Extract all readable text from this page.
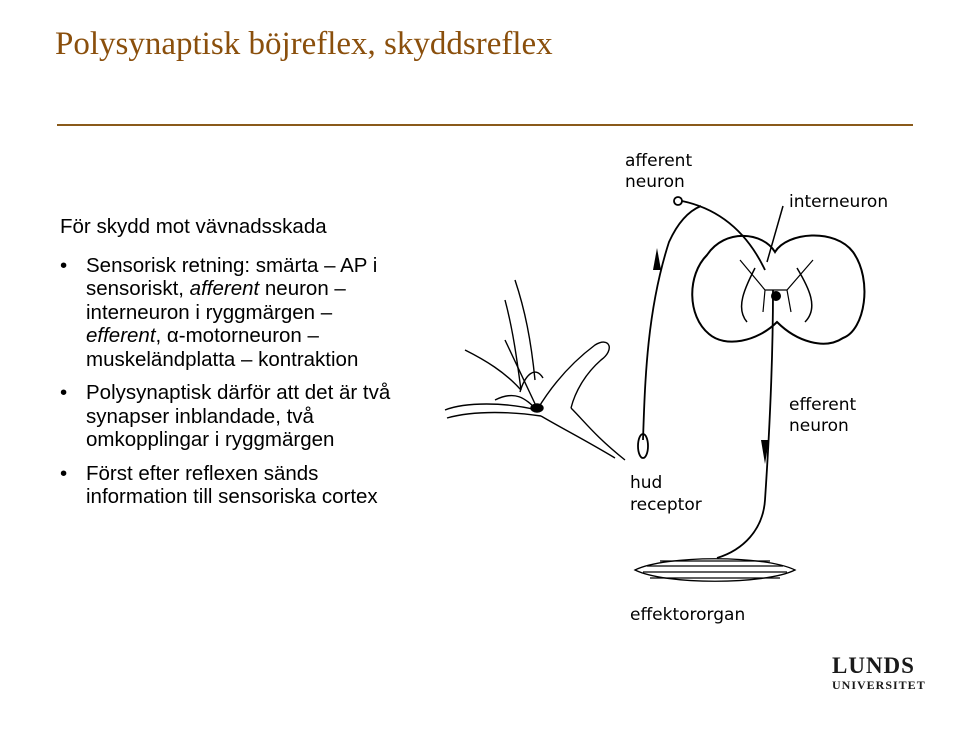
Polysynaptisk böjreflex, skyddsreflex
För skydd mot vävnadsskada
• Sensorisk retning: smärta – AP i sensoriskt, afferent neuron – interneuron i ryggmärgen – efferent, α-motorneuron – muskeländplatta – kontraktion
• Polysynaptisk därför att det är två synapser inblandade, två omkopplingar i ryggmärgen
• Först efter reflexen sänds information till sensoriska cortex
afferent
neuron
interneuron
efferent
neuron
hud
receptor
effektororgan
LUNDS
UNIVERSITET
